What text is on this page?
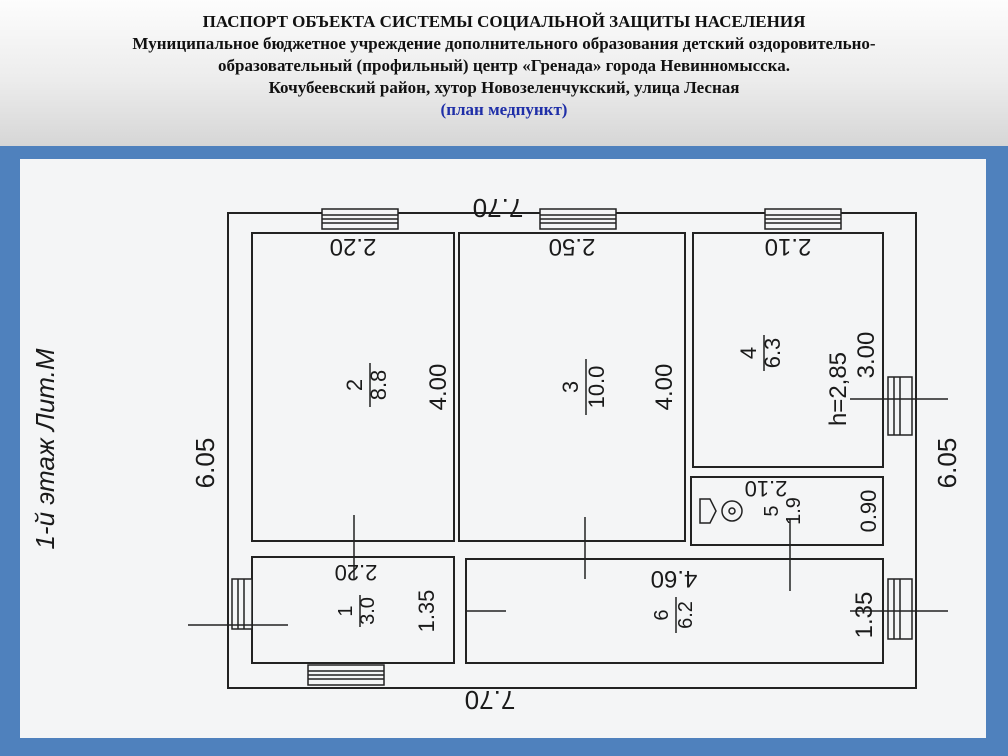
ПАСПОРТ ОБЪЕКТА СИСТЕМЫ СОЦИАЛЬНОЙ ЗАЩИТЫ НАСЕЛЕНИЯ
Муниципальное бюджетное учреждение дополнительного образования детский оздоровительно-
образовательный (профильный) центр «Гренада» города Невинномысска.
Кочубеевский район, хутор Новозеленчукский, улица Лесная
(план медпункт)
7.70
7.70
6.05	6.05
1-й этаж Лит.М
2.20
2 8.8 4.00
2.50
3 10.0 4.00
2.10
4 6.3 h=2,85 3.00
2.10
5 1.9 0.90
2.20
1 3.0 1.35
4.60
6 6.2	1.35
